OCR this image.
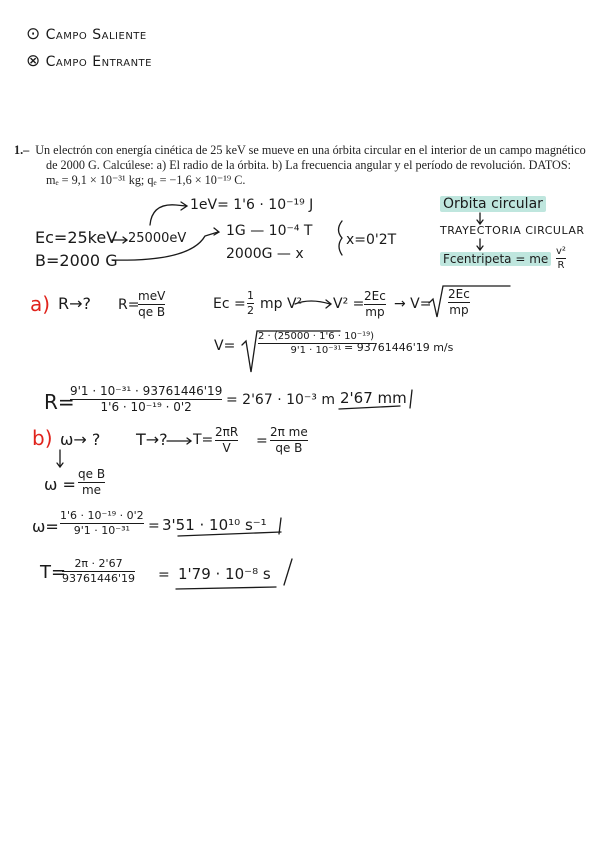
⊙ Campo Saliente
⊗ Campo Entrante

1.– Un electrón con energía cinética de 25 keV se mueve en una órbita circular en el interior de un campo magnético de 2000 G. Calcúlese: a) El radio de la órbita. b) La frecuencia angular y el período de revolución. DATOS: mₑ = 9,1 × 10⁻³¹ kg; qₑ = −1,6 × 10⁻¹⁹ C.

Ec=25keV 25000eV
1eV= 1'6 · 10⁻¹⁹ J
B=2000 G
1G — 10⁻⁴ T
2000G — x
x=0'2T
Orbita circular
TRAYECTORIA CIRCULAR
Fcentripeta = me
v²
R
a) R→? R=
meV
qe B
Ec =
1
2 mp V² V² = 2Ec
mp
→ V=
2Ec
mp
V=
2 · (25000 · 1'6 · 10⁻¹⁹)
9'1 · 10⁻³¹ = 93761446'19 m/s
R=
9'1 · 10⁻³¹ · 93761446'19
1'6 · 10⁻¹⁹ · 0'2	= 2'67 · 10⁻³ m 2'67 mm
b) ω→ ? T→? T= 2πR
V	=
2π me
qe B
ω =
qe B
me
ω=
1'6 · 10⁻¹⁹ · 0'2
9'1 · 10⁻³¹	= 3'51 · 10¹⁰ s⁻¹
T= 2π · 2'67
93761446'19 = 1'79 · 10⁻⁸ s
